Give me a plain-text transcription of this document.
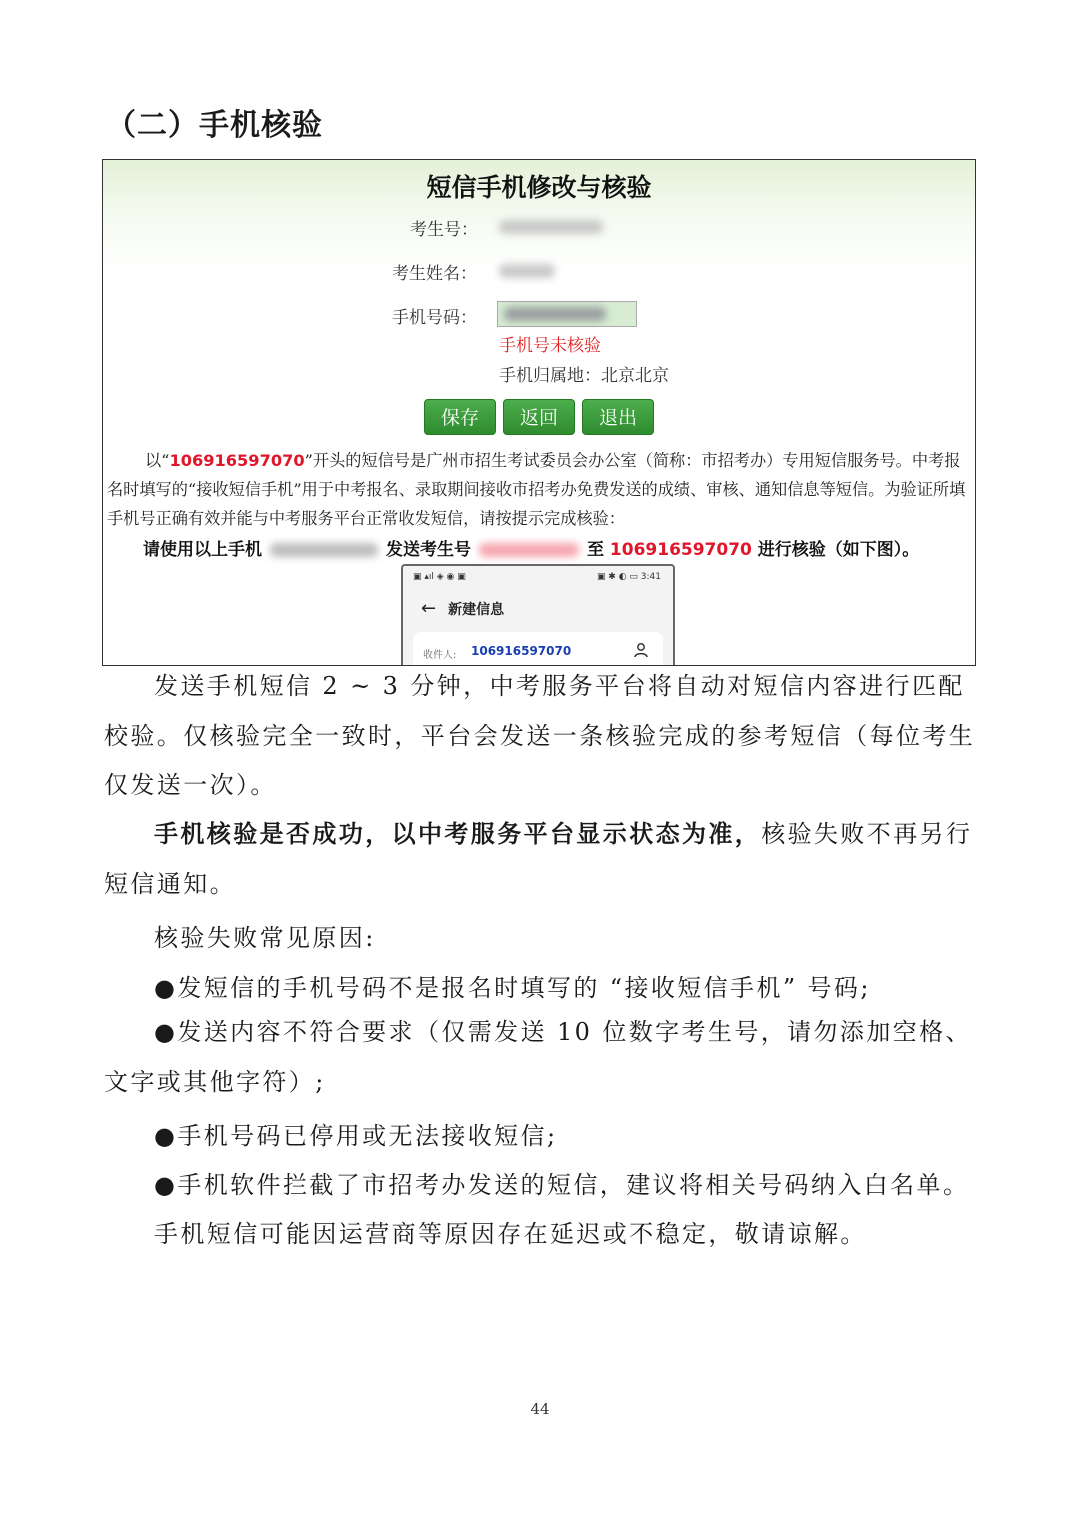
（二）手机核验
短信手机修改与核验
考生号：
考生姓名：
手机号码：
手机号未核验
手机归属地：北京北京
保存	返回	退出
以“106916597070”开头的短信号是广州市招生考试委员会办公室（简称：市招考办）专用短信服务号。中考报名时填写的“接收短信手机”用于中考报名、录取期间接收市招考办免费发送的成绩、审核、通知信息等短信。为验证所填手机号正确有效并能与中考服务平台正常收发短信，请按提示完成核验：
请使用以上手机	发送考生号	至 106916597070 进行核验（如下图）。
▣ ▴ıl ◈ ◉ ▣	▣ ✱ ◐ ▭ 3:41
← 新建信息
收件人: 106916597070
发送手机短信 2 ~ 3 分钟，中考服务平台将自动对短信内容进行匹配校验。仅核验完全一致时，平台会发送一条核验完成的参考短信（每位考生仅发送一次）。
手机核验是否成功，以中考服务平台显示状态为准，核验失败不再另行短信通知。
核验失败常见原因:
●发短信的手机号码不是报名时填写的 “接收短信手机” 号码;
●发送内容不符合要求（仅需发送 10 位数字考生号，请勿添加空格、文字或其他字符）;
●手机号码已停用或无法接收短信;
●手机软件拦截了市招考办发送的短信，建议将相关号码纳入白名单。
手机短信可能因运营商等原因存在延迟或不稳定，敬请谅解。
44
